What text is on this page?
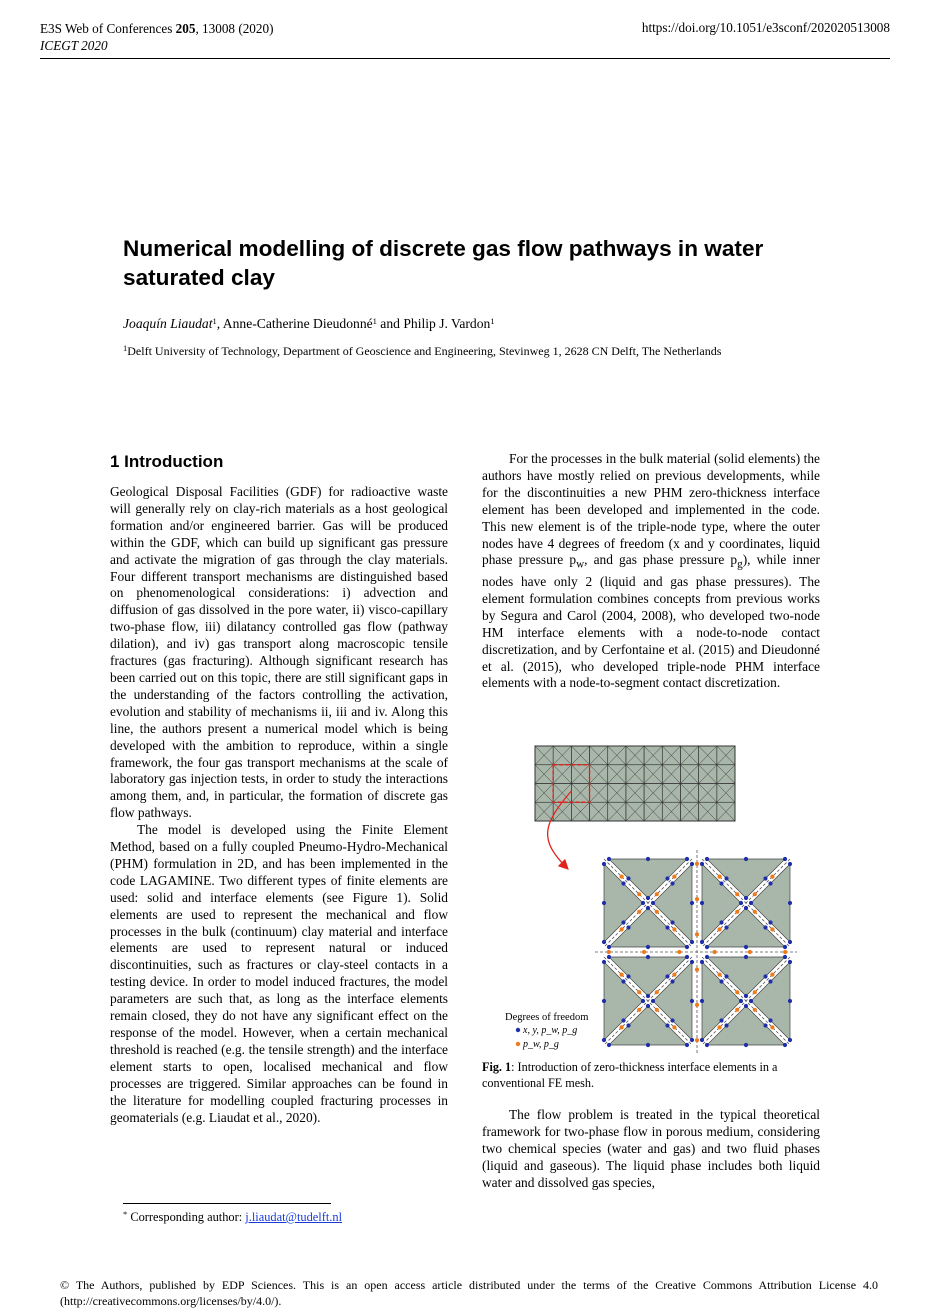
E3S Web of Conferences 205, 13008 (2020)
ICEGT 2020
https://doi.org/10.1051/e3sconf/202020513008
Numerical modelling of discrete gas flow pathways in water saturated clay
Joaquín Liaudat$^1$, Anne-Catherine Dieudonné$^1$ and Philip J. Vardon$^1$
$^1$Delft University of Technology, Department of Geoscience and Engineering, Stevinweg 1, 2628 CN Delft, The Netherlands
1 Introduction

Geological Disposal Facilities (GDF) for radioactive waste will generally rely on clay-rich materials as a host geological formation and/or engineered barrier. Gas will be produced within the GDF, which can build up significant gas pressure and activate the migration of gas through the clay materials. Four different transport mechanisms are distinguished based on phenomenological considerations: i) advection and diffusion of gas dissolved in the pore water, ii) visco-capillary two-phase flow, iii) dilatancy controlled gas flow (pathway dilation), and iv) gas transport along macroscopic tensile fractures (gas fracturing). Although significant research has been carried out on this topic, there are still significant gaps in the understanding of the factors controlling the activation, evolution and stability of mechanisms ii, iii and iv. Along this line, the authors present a numerical model which is being developed with the ambition to reproduce, within a single framework, the four gas transport mechanisms at the scale of laboratory gas injection tests, in order to study the interactions among them, and, in particular, the formation of discrete gas flow pathways.

The model is developed using the Finite Element Method, based on a fully coupled Pneumo-Hydro-Mechanical (PHM) formulation in 2D, and has been implemented in the code LAGAMINE. Two different types of finite elements are used: solid and interface elements (see Figure 1). Solid elements are used to represent the mechanical and flow processes in the bulk (continuum) clay material and interface elements are used to represent natural or induced discontinuities, such as fractures or clay-steel contacts in a testing device. In order to model induced fractures, the model parameters are such that, as long as the interface elements remain closed, they do not have any significant effect on the response of the model. However, when a certain mechanical threshold is reached (e.g. the tensile strength) and the interface element starts to open, localised mechanical and flow processes are triggered. Similar approaches can be found in the literature for modelling coupled fracturing processes in geomaterials (e.g. Liaudat et al., 2020).

For the processes in the bulk material (solid elements) the authors have mostly relied on previous developments, while for the discontinuities a new PHM zero-thickness interface element has been developed and implemented in the code. This new element is of the triple-node type, where the outer nodes have 4 degrees of freedom (x and y coordinates, liquid phase pressure $p_w$, and gas phase pressure $p_g$), while inner nodes have only 2 (liquid and gas phase pressures). The element formulation combines concepts from previous works by Segura and Carol (2004, 2008), who developed two-node HM interface elements with a node-to-node contact discretization, and by Cerfontaine et al. (2015) and Dieudonné et al. (2015), who developed triple-node PHM interface elements with a node-to-segment contact discretization.

Degrees of freedom
x, y, p_w, p_g
p_w, p_g
Fig. 1: Introduction of zero-thickness interface elements in a conventional FE mesh.

The flow problem is treated in the typical theoretical framework for two-phase flow in porous medium, considering two chemical species (water and gas) and two fluid phases (liquid and gaseous). The liquid phase includes both liquid water and dissolved gas species,

* Corresponding author: j.liaudat@tudelft.nl
© The Authors, published by EDP Sciences. This is an open access article distributed under the terms of the Creative Commons Attribution License 4.0 (http://creativecommons.org/licenses/by/4.0/).
